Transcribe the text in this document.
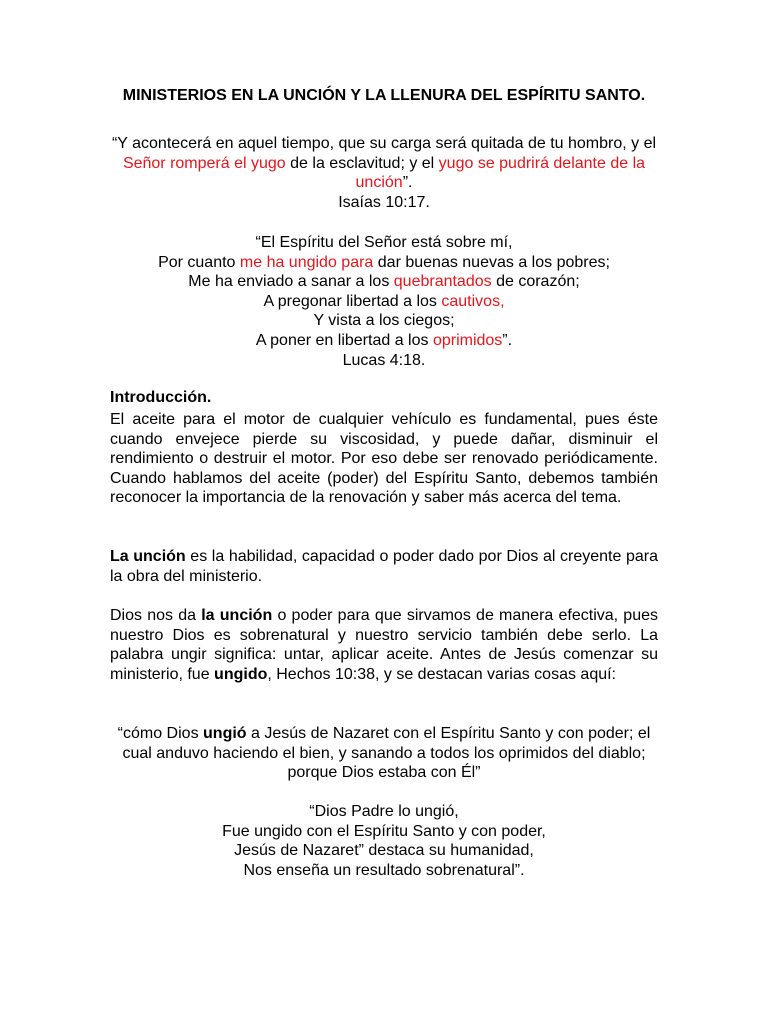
MINISTERIOS EN LA UNCIÓN Y LA LLENURA DEL ESPÍRITU SANTO.
“Y acontecerá en aquel tiempo, que su carga será quitada de tu hombro, y el Señor romperá el yugo de la esclavitud; y el yugo se pudrirá delante de la unción”.
Isaías 10:17.
“El Espíritu del Señor está sobre mí,
Por cuanto me ha ungido para dar buenas nuevas a los pobres;
Me ha enviado a sanar a los quebrantados de corazón;
A pregonar libertad a los cautivos,
Y vista a los ciegos;
A poner en libertad a los oprimidos”.
Lucas 4:18.
Introducción.
El aceite para el motor de cualquier vehículo es fundamental, pues éste cuando envejece pierde su viscosidad, y puede dañar, disminuir el rendimiento o destruir el motor. Por eso debe ser renovado periódicamente. Cuando hablamos del aceite (poder) del Espíritu Santo, debemos también reconocer la importancia de la renovación y saber más acerca del tema.
La unción es la habilidad, capacidad o poder dado por Dios al creyente para la obra del ministerio.
Dios nos da la unción o poder para que sirvamos de manera efectiva, pues nuestro Dios es sobrenatural y nuestro servicio también debe serlo. La palabra ungir significa: untar, aplicar aceite. Antes de Jesús comenzar su ministerio, fue ungido, Hechos 10:38, y se destacan varias cosas aquí:
“cómo Dios ungió a Jesús de Nazaret con el Espíritu Santo y con poder; el cual anduvo haciendo el bien, y sanando a todos los oprimidos del diablo; porque Dios estaba con Él”
“Dios Padre lo ungió,
Fue ungido con el Espíritu Santo y con poder,
Jesús de Nazaret” destaca su humanidad,
Nos enseña un resultado sobrenatural”.
